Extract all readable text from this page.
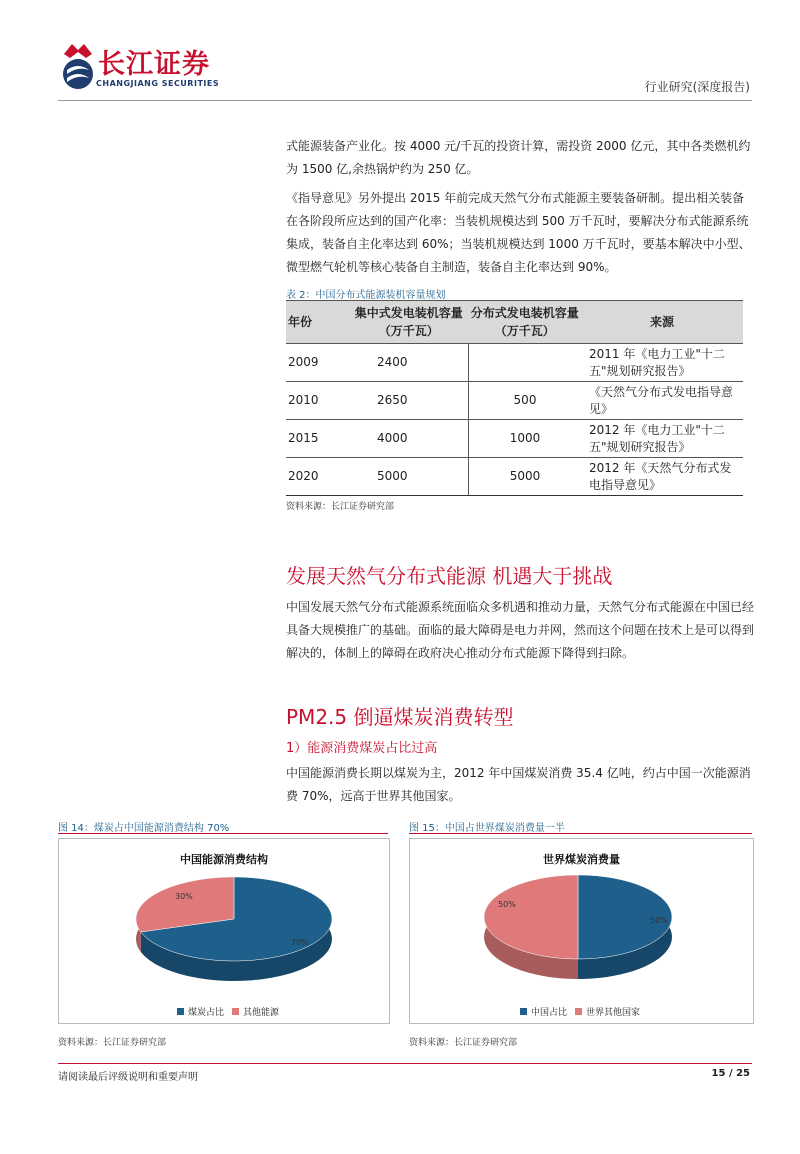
长江证券
CHANGJIANG SECURITIES	行业研究(深度报告)

式能源装备产业化。按 4000 元/千瓦的投资计算，需投资 2000 亿元，其中各类燃机约为 1500 亿,余热锅炉约为 250 亿。

《指导意见》另外提出 2015 年前完成天然气分布式能源主要装备研制。提出相关装备在各阶段所应达到的国产化率：当装机规模达到 500 万千瓦时，要解决分布式能源系统集成，装备自主化率达到 60%；当装机规模达到 1000 万千瓦时，要基本解决中小型、微型燃气轮机等核心装备自主制造，装备自主化率达到 90%。

表 2：中国分布式能源装机容量规划
年份	集中式发电装机容量（万千瓦）	分布式发电装机容量（万千瓦）	来源
2009	2400		2011 年《电力工业"十二五"规划研究报告》
2010	2650	500	《天然气分布式发电指导意见》
2015	4000	1000	2012 年《电力工业"十二五"规划研究报告》
2020	5000	5000	2012 年《天然气分布式发电指导意见》
资料来源：长江证券研究部
发展天然气分布式能源 机遇大于挑战

中国发展天然气分布式能源系统面临众多机遇和推动力量，天然气分布式能源在中国已经具备大规模推广的基础。面临的最大障碍是电力并网，然而这个问题在技术上是可以得到解决的，体制上的障碍在政府决心推动分布式能源下降得到扫除。

PM2.5 倒逼煤炭消费转型
1）能源消费煤炭占比过高

中国能源消费长期以煤炭为主，2012 年中国煤炭消费 35.4 亿吨，约占中国一次能源消费 70%，远高于世界其他国家。

图 14：煤炭占中国能源消费结构 70%
中国能源消费结构
70%
30%
煤炭占比 其他能源
资料来源：长江证券研究部
图 15：中国占世界煤炭消费量一半
世界煤炭消费量
50%
50%
中国占比 世界其他国家
资料来源：长江证券研究部
请阅读最后评级说明和重要声明	15 / 25
